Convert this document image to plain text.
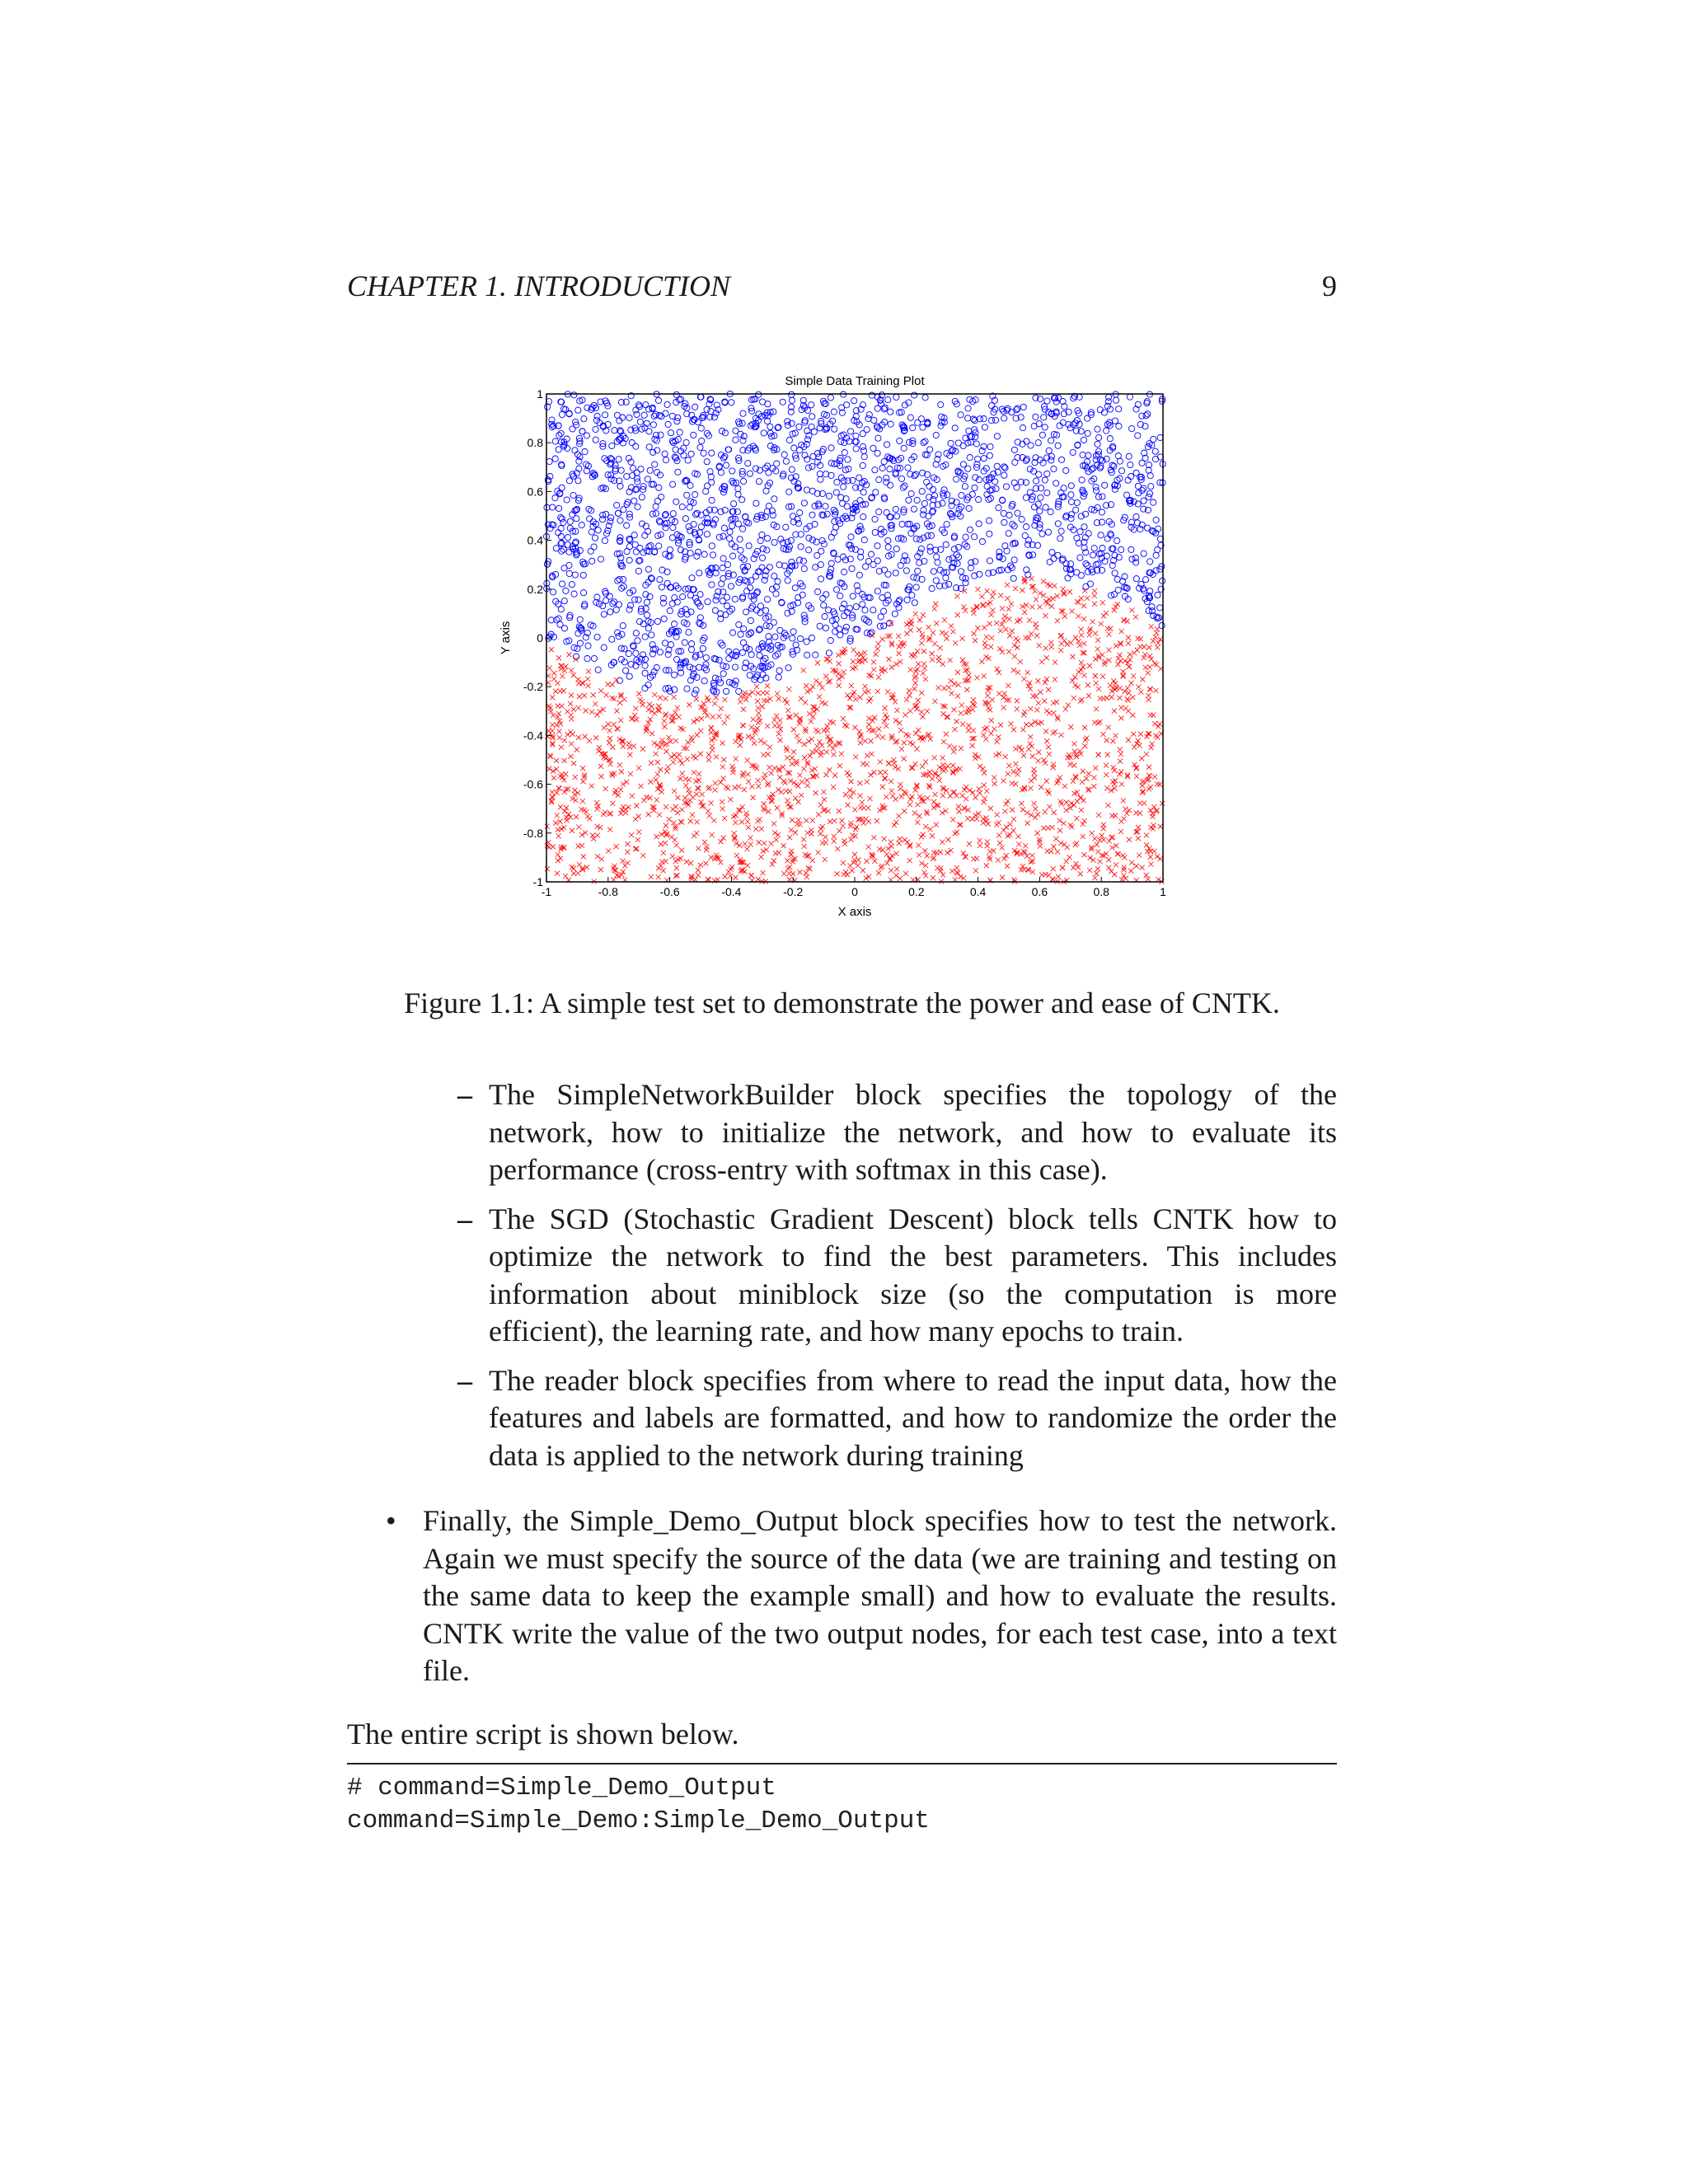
CHAPTER 1. INTRODUCTION	9
-1	-0.8	-0.6	-0.4	-0.2	0	0.2	0.4	0.6	0.8	1
1
0.8
0.6
0.4
0.2
0
-0.2
-0.4
-0.6
-0.8
-1
Simple Data Training Plot
X axis
Y axis
Figure 1.1: A simple test set to demonstrate the power and ease of CNTK.
– The SimpleNetworkBuilder block specifies the topology of the network, how to initialize the network, and how to evaluate its performance (cross-entry with softmax in this case).
– The SGD (Stochastic Gradient Descent) block tells CNTK how to optimize the network to find the best parameters. This includes information about miniblock size (so the computation is more efficient), the learning rate, and how many epochs to train.
– The reader block specifies from where to read the input data, how the features and labels are formatted, and how to randomize the order the data is applied to the network during training
• Finally, the Simple_Demo_Output block specifies how to test the network. Again we must specify the source of the data (we are training and testing on the same data to keep the example small) and how to evaluate the results. CNTK write the value of the two output nodes, for each test case, into a text file.
The entire script is shown below.
# command=Simple_Demo_Output
command=Simple_Demo:Simple_Demo_Output
